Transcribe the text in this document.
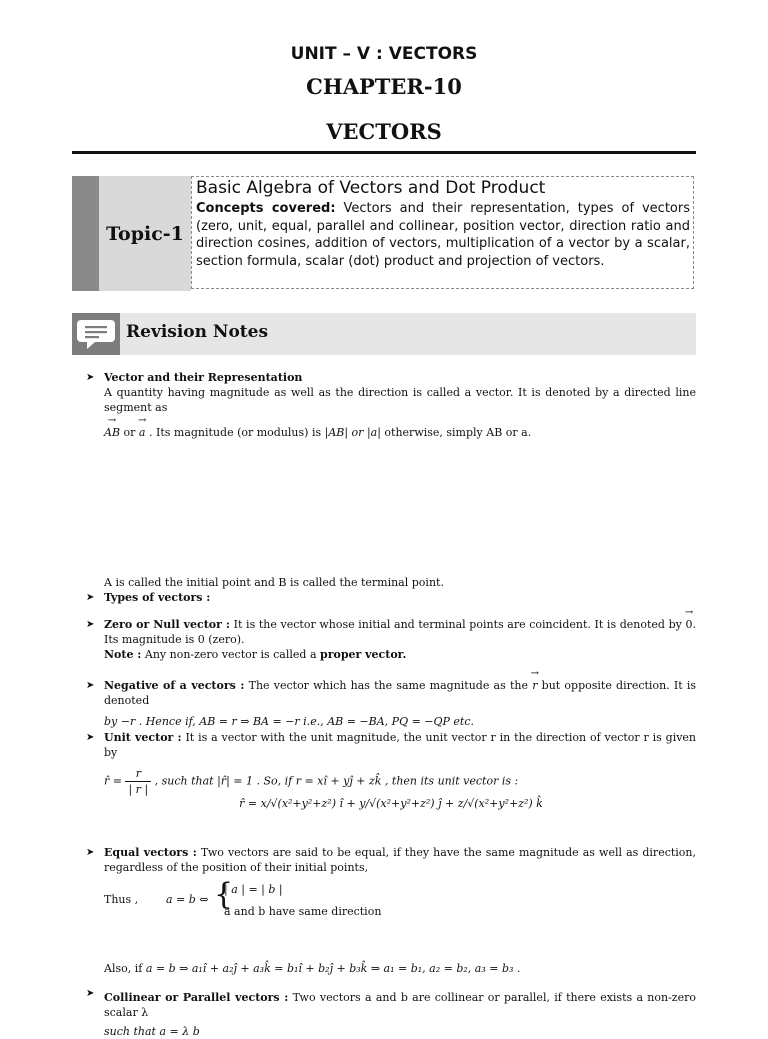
UNIT – V : VECTORS
CHAPTER-10
VECTORS
Topic-1
Basic Algebra of Vectors and Dot Product
Concepts covered: Vectors and their representation, types of vectors (zero, unit, equal, parallel and collinear, position vector, direction ratio and direction cosines, addition of vectors, multiplication of a vector by a scalar, section formula, scalar (dot) product and projection of vectors.
Revision Notes
➤ Vector and their Representation
A quantity having magnitude as well as the direction is called a vector. It is denoted by a directed line segment as
→ AB or → a . Its magnitude (or modulus) is |AB| or |a| otherwise, simply AB or a.
A is called the initial point and B is called the terminal point.
➤ Types of vectors :
➤ Zero or Null vector : It is the vector whose initial and terminal points are coincident. It is denoted by → 0. Its magnitude is 0 (zero).
Note : Any non-zero vector is called a proper vector.
➤ Negative of a vectors : The vector which has the same magnitude as the → r but opposite direction. It is denoted
by −r . Hence if, AB = r ⇒ BA = −r i.e., AB = −BA, PQ = −QP etc.
➤ Unit vector : It is a vector with the unit magnitude, the unit vector r in the direction of vector r is given by
r̂ = $\frac{r}{| r |}$ , such that |r̂| = 1 . So, if r = xî + yĵ + zk̂ , then its unit vector is :
r̂ = x/√(x²+y²+z²) î + y/√(x²+y²+z²) ĵ + z/√(x²+y²+z²) k̂
➤ Equal vectors : Two vectors are said to be equal, if they have the same magnitude as well as direction, regardless of the position of their initial points,
Thus ,	a = b ⇔ {
| a | = | b |
a and b have same direction
Also, if a = b ⇒ a₁î + a₂ĵ + a₃k̂ = b₁î + b₂ĵ + b₃k̂ ⇒ a₁ = b₁, a₂ = b₂, a₃ = b₃ .
➤ Collinear or Parallel vectors : Two vectors a and b are collinear or parallel, if there exists a non-zero scalar λ
such that a = λ b
